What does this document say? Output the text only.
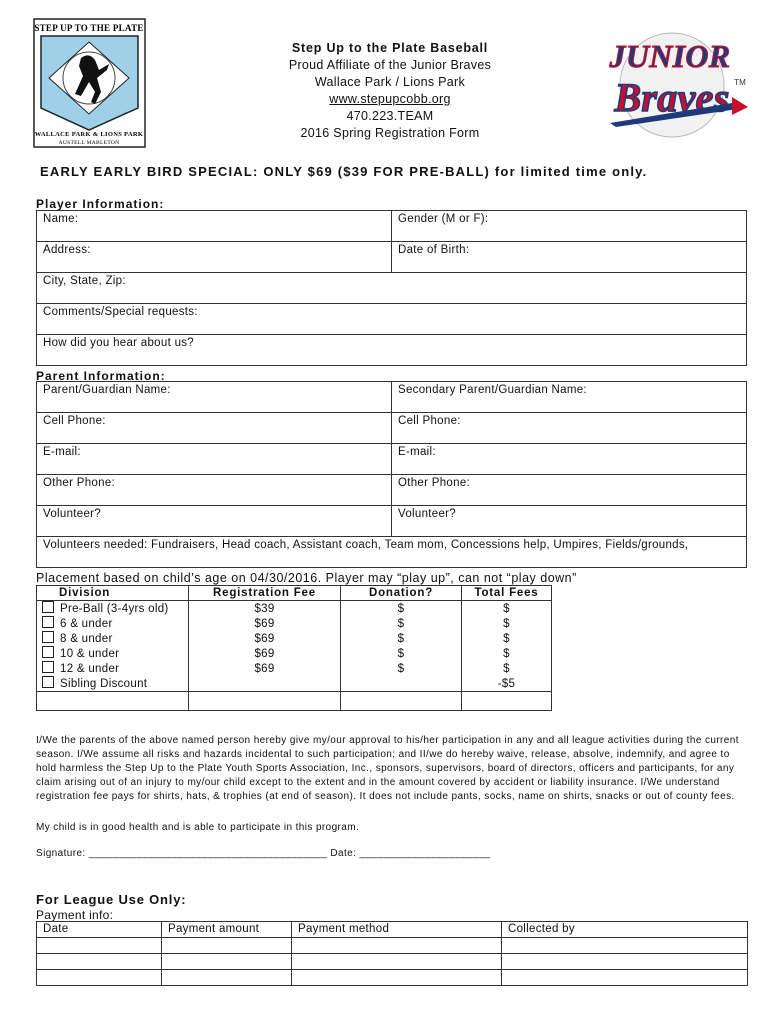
STEP UP TO THE PLATE
WALLACE PARK & LIONS PARK
AUSTELL MABLETON
Step Up to the Plate Baseball
Proud Affiliate of the Junior Braves
Wallace Park / Lions Park
www.stepupcobb.org
470.223.TEAM
2016 Spring Registration Form
JUNIOR
Braves TM
EARLY EARLY BIRD SPECIAL: ONLY $69 ($39 FOR PRE-BALL) for limited time only.
Player Information:
Name:	Gender (M or F):
Address:	Date of Birth:
City, State, Zip:	
Comments/Special requests:	
How did you hear about us?	
Parent Information:
Parent/Guardian Name:	Secondary Parent/Guardian Name:
Cell Phone:	Cell Phone:
E-mail:	E-mail:
Other Phone:	Other Phone:
Volunteer?	Volunteer?
Volunteers needed: Fundraisers, Head coach, Assistant coach, Team mom, Concessions help, Umpires, Fields/grounds,	
Placement based on child’s age on 04/30/2016. Player may “play up”, can not “play down”
Division	Registration Fee	Donation?	Total Fees
Pre-Ball (3-4yrs old)	$39	$	$
6 & under	$69	$	$
8 & under	$69	$	$
10 & under	$69	$	$
12 & under	$69	$	$
Sibling Discount			-$5

I/We the parents of the above named person hereby give my/our approval to his/her participation in any and all league activities during the current season. I/We assume all risks and hazards incidental to such participation; and II/we do hereby waive, release, absolve, indemnify, and agree to hold harmless the Step Up to the Plate Youth Sports Association, Inc., sponsors, supervisors, board of directors, officers and participants, for any claim arising out of an injury to my/our child except to the extent and in the amount covered by accident or liability insurance. I/We understand registration fee pays for shirts, hats, & trophies (at end of season). It does not include pants, socks, name on shirts, snacks or out of county fees.
My child is in good health and is able to participate in this program.
Signature: ________________________________________ Date: ______________________
For League Use Only:
Payment info:
Date	Payment amount	Payment method	Collected by
